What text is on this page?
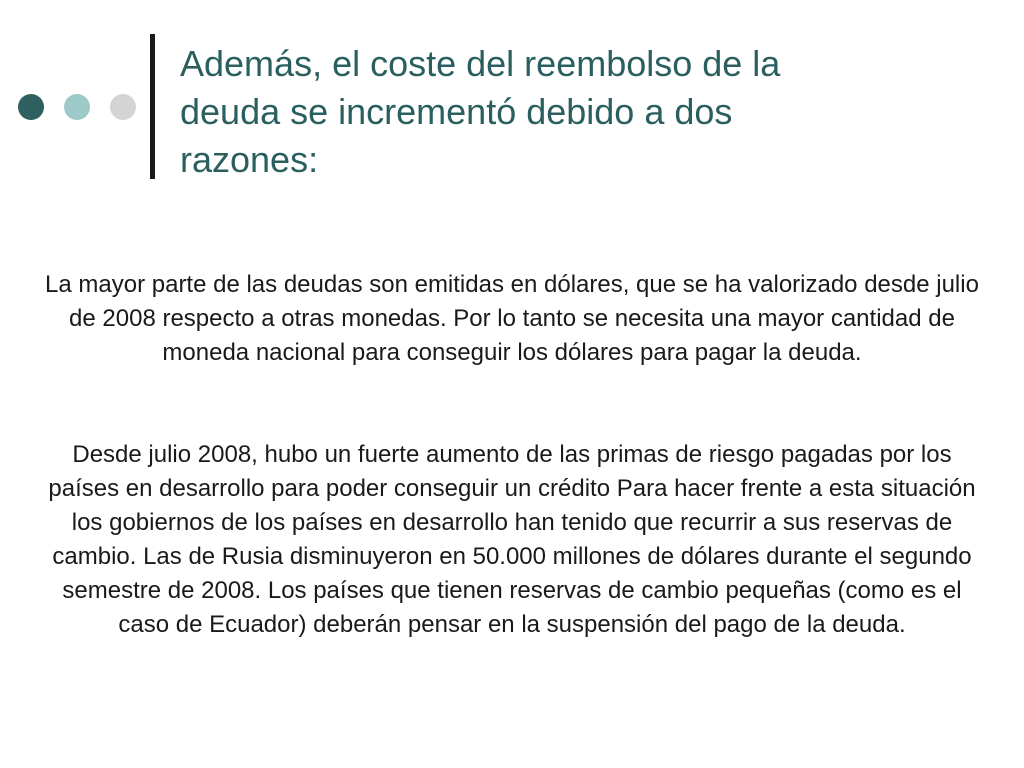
Además, el coste del reembolso de la deuda se incrementó debido a dos razones:

La mayor parte de las deudas son emitidas en dólares, que se ha valorizado desde julio de 2008 respecto a otras monedas. Por lo tanto se necesita una mayor cantidad de moneda nacional para conseguir los dólares para pagar la deuda.

Desde julio 2008, hubo un fuerte aumento de las primas de riesgo pagadas por los países en desarrollo para poder conseguir un crédito Para hacer frente a esta situación los gobiernos de los países en desarrollo han tenido que recurrir a sus reservas de cambio. Las de Rusia disminuyeron en 50.000 millones de dólares durante el segundo semestre de 2008. Los países que tienen reservas de cambio pequeñas (como es el caso de Ecuador) deberán pensar en la suspensión del pago de la deuda.
